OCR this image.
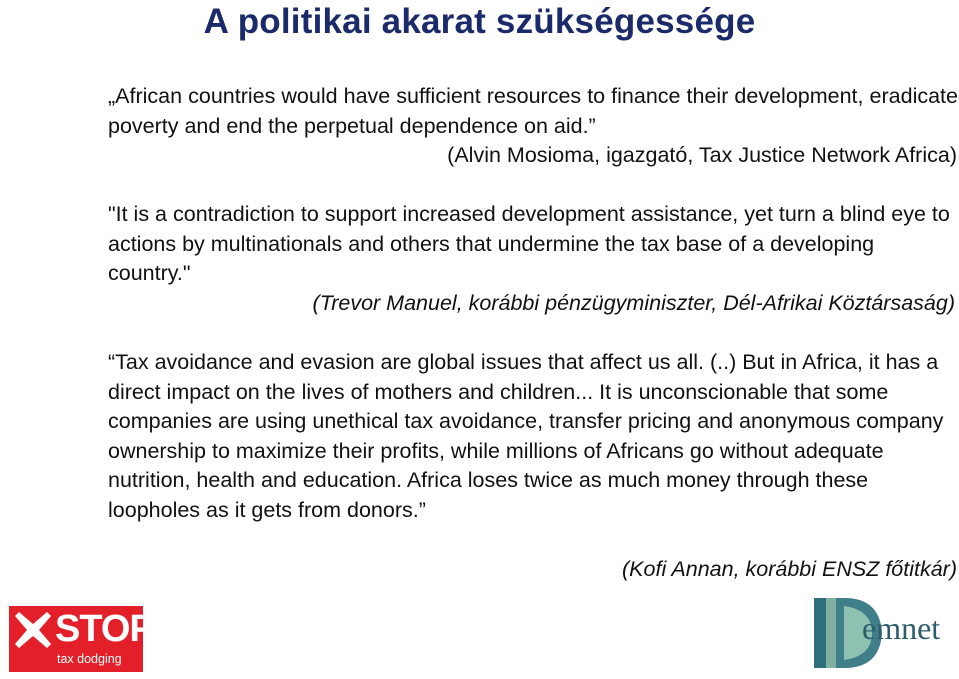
A politikai akarat szükségessége
„African countries would have sufficient resources to finance their development, eradicate poverty and end the perpetual dependence on aid.”
(Alvin Mosioma, igazgató, Tax Justice Network Africa)
"It is a contradiction to support increased development assistance, yet turn a blind eye to actions by multinationals and others that undermine the tax base of a developing country."
(Trevor Manuel, korábbi pénzügyminiszter, Dél-Afrikai Köztársaság)
“Tax avoidance and evasion are global issues that affect us all. (..) But in Africa, it has a direct impact on the lives of mothers and children... It is unconscionable that some companies are using unethical tax avoidance, transfer pricing and anonymous company ownership to maximize their profits, while millions of Africans go without adequate nutrition, health and education. Africa loses twice as much money through these loopholes as it gets from donors.”
(Kofi Annan, korábbi ENSZ főtitkár)
STOP
tax dodging
emnet
